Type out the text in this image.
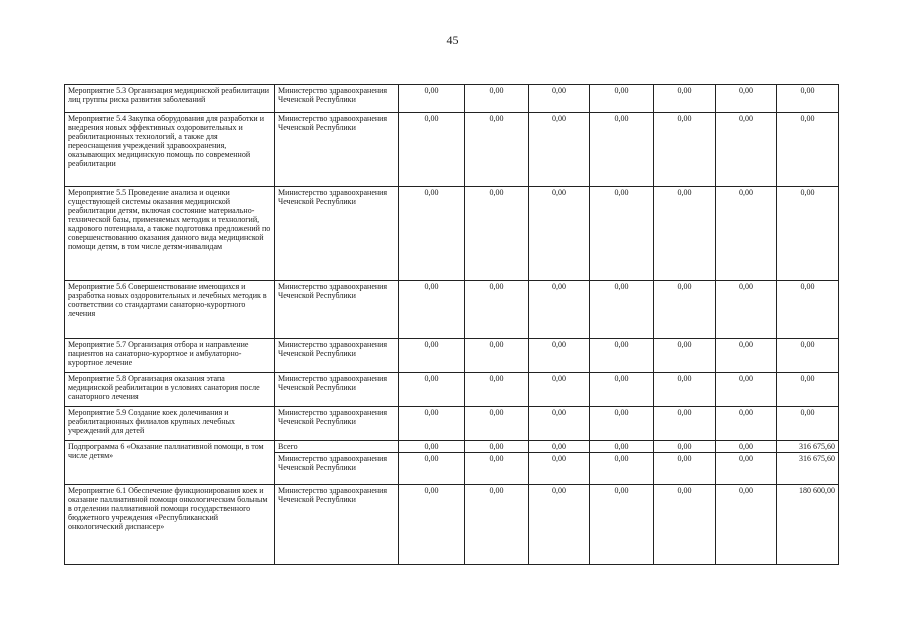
45
Мероприятие 5.3 Организация медицинской реабилитации лиц группы риска развития заболеваний	Министерство здравоохранения Чеченской Республики	0,00	0,00	0,00	0,00	0,00	0,00	0,00
Мероприятие 5.4 Закупка оборудования для разработки и внедрения новых эффективных оздоровительных и реабилитационных технологий, а также для переоснащения учреждений здравоохранения, оказывающих медицинскую помощь по современной реабилитации	Министерство здравоохранения Чеченской Республики	0,00	0,00	0,00	0,00	0,00	0,00	0,00
Мероприятие 5.5 Проведение анализа и оценки существующей системы оказания медицинской реабилитации детям, включая состояние материально-технической базы, применяемых методик и технологий, кадрового потенциала, а также подготовка предложений по совершенствованию оказания данного вида медицинской помощи детям, в том числе детям-инвалидам	Министерство здравоохранения Чеченской Республики	0,00	0,00	0,00	0,00	0,00	0,00	0,00
Мероприятие 5.6 Совершенствование имеющихся и разработка новых оздоровительных и лечебных методик в соответствии со стандартами санаторно-курортного лечения	Министерство здравоохранения Чеченской Республики	0,00	0,00	0,00	0,00	0,00	0,00	0,00
Мероприятие 5.7 Организация отбора и направление пациентов на санаторно-курортное и амбулаторно-курортное лечение	Министерство здравоохранения Чеченской Республики	0,00	0,00	0,00	0,00	0,00	0,00	0,00
Мероприятие 5.8 Организация оказания этапа медицинской реабилитации в условиях санатория после санаторного лечения	Министерство здравоохранения Чеченской Республики	0,00	0,00	0,00	0,00	0,00	0,00	0,00
Мероприятие 5.9 Создание коек долечивания и реабилитационных филиалов крупных лечебных учреждений для детей	Министерство здравоохранения Чеченской Республики	0,00	0,00	0,00	0,00	0,00	0,00	0,00
Подпрограмма 6 «Оказание паллиативной помощи, в том числе детям»	Всего	0,00	0,00	0,00	0,00	0,00	0,00	316 675,60
	Министерство здравоохранения Чеченской Республики	0,00	0,00	0,00	0,00	0,00	0,00	316 675,60
Мероприятие 6.1 Обеспечение функционирования коек и оказание паллиативной помощи онкологическим больным в отделении паллиативной помощи государственного бюджетного учреждения «Республиканский онкологический диспансер»	Министерство здравоохранения Чеченской Республики	0,00	0,00	0,00	0,00	0,00	0,00	180 600,00
